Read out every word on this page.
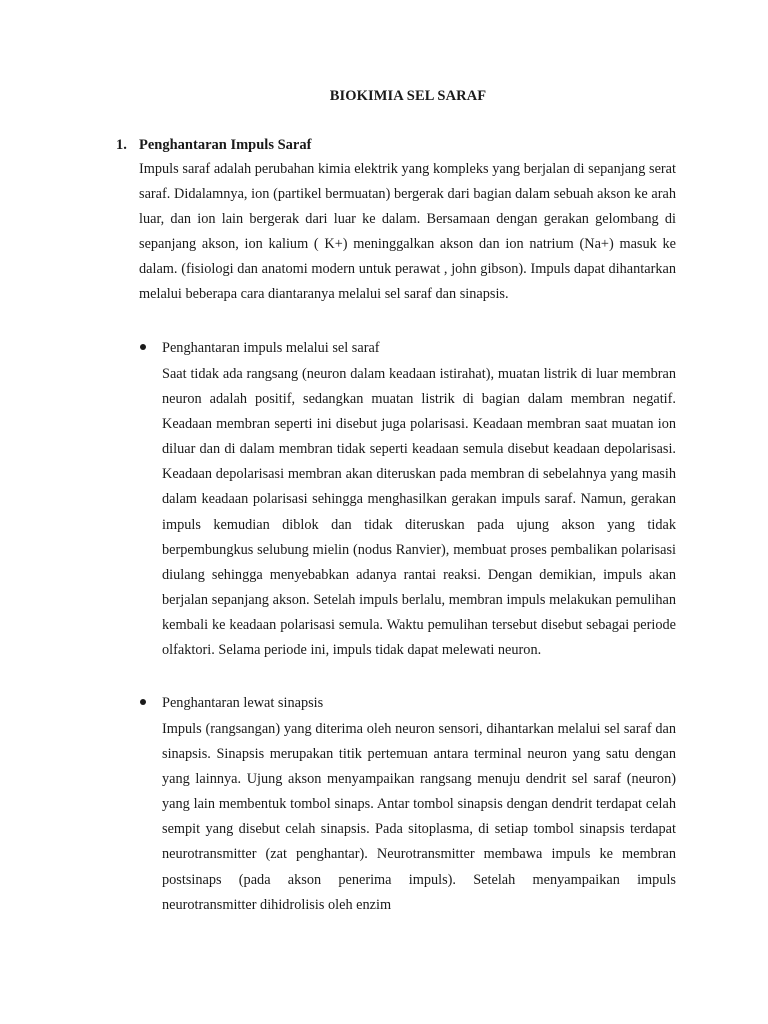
BIOKIMIA SEL SARAF
1. Penghantaran Impuls Saraf

Impuls saraf adalah perubahan kimia elektrik yang kompleks yang berjalan di sepanjang serat saraf. Didalamnya, ion (partikel bermuatan) bergerak dari bagian dalam sebuah akson ke arah luar, dan ion lain bergerak dari luar ke dalam. Bersamaan dengan gerakan gelombang di sepanjang akson, ion kalium ( K+) meninggalkan akson dan ion natrium (Na+) masuk ke dalam. (fisiologi dan anatomi modern untuk perawat , john gibson). Impuls dapat dihantarkan melalui beberapa cara diantaranya melalui sel saraf dan sinapsis.

Penghantaran impuls melalui sel saraf

Saat tidak ada rangsang (neuron dalam keadaan istirahat), muatan listrik di luar membran neuron adalah positif, sedangkan muatan listrik di bagian dalam membran negatif. Keadaan membran seperti ini disebut juga polarisasi. Keadaan membran saat muatan ion diluar dan di dalam membran tidak seperti keadaan semula disebut keadaan depolarisasi. Keadaan depolarisasi membran akan diteruskan pada membran di sebelahnya yang masih dalam keadaan polarisasi sehingga menghasilkan gerakan impuls saraf. Namun, gerakan impuls kemudian diblok dan tidak diteruskan pada ujung akson yang tidak berpembungkus selubung mielin (nodus Ranvier), membuat proses pembalikan polarisasi diulang sehingga menyebabkan adanya rantai reaksi. Dengan demikian, impuls akan berjalan sepanjang akson. Setelah impuls berlalu, membran impuls melakukan pemulihan kembali ke keadaan polarisasi semula. Waktu pemulihan tersebut disebut sebagai periode olfaktori. Selama periode ini, impuls tidak dapat melewati neuron.

Penghantaran lewat sinapsis

Impuls (rangsangan) yang diterima oleh neuron sensori, dihantarkan melalui sel saraf dan sinapsis. Sinapsis merupakan titik pertemuan antara terminal neuron yang satu dengan yang lainnya. Ujung akson menyampaikan rangsang menuju dendrit sel saraf (neuron) yang lain membentuk tombol sinaps. Antar tombol sinapsis dengan dendrit terdapat celah sempit yang disebut celah sinapsis. Pada sitoplasma, di setiap tombol sinapsis terdapat neurotransmitter (zat penghantar). Neurotransmitter membawa impuls ke membran postsinaps (pada akson penerima impuls). Setelah menyampaikan impuls neurotransmitter dihidrolisis oleh enzim
